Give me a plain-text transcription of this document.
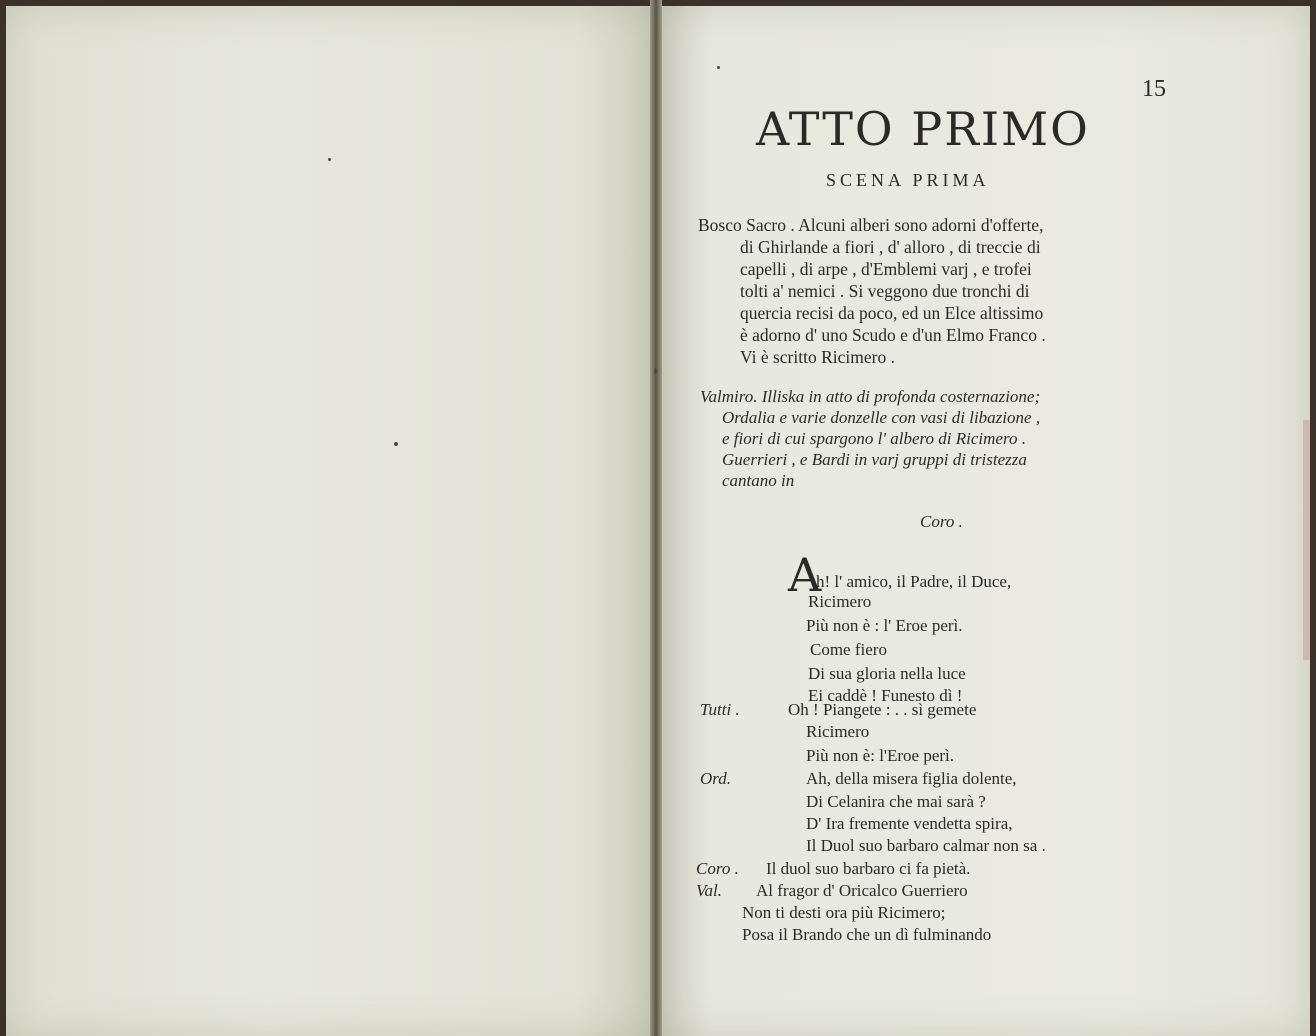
15
ATTO PRIMO
SCENA PRIMA
Bosco Sacro . Alcuni alberi sono adorni d'offerte,
di Ghirlande a fiori , d' alloro , di treccie di
capelli , di arpe , d'Emblemi varj , e trofei
tolti a' nemici . Si veggono due tronchi di
quercia recisi da poco, ed un Elce altissimo
è adorno d' uno Scudo e d'un Elmo Franco .
Vi è scritto Ricimero .
Valmiro. Illiska in atto di profonda costernazione;
Ordalia e varie donzelle con vasi di libazione ,
e fiori di cui spargono l' albero di Ricimero .
Guerrieri , e Bardi in varj gruppi di tristezza
cantano in
Coro .
A
h! l' amico, il Padre, il Duce,
Ricimero
Più non è : l' Eroe perì.
Come fiero
Di sua gloria nella luce
Ei caddè ! Funesto dì !
Tutti .	Oh ! Piangete : . . sì gemete
Ricimero
Più non è: l'Eroe perì.
Ord.	Ah, della misera figlia dolente,
Di Celanira che mai sarà ?
D' Ira fremente vendetta spira,
Il Duol suo barbaro calmar non sa .
Coro . Il duol suo barbaro ci fa pietà.
Val. Al fragor d' Oricalco Guerriero
Non ti desti ora più Ricimero;
Posa il Brando che un dì fulminando
